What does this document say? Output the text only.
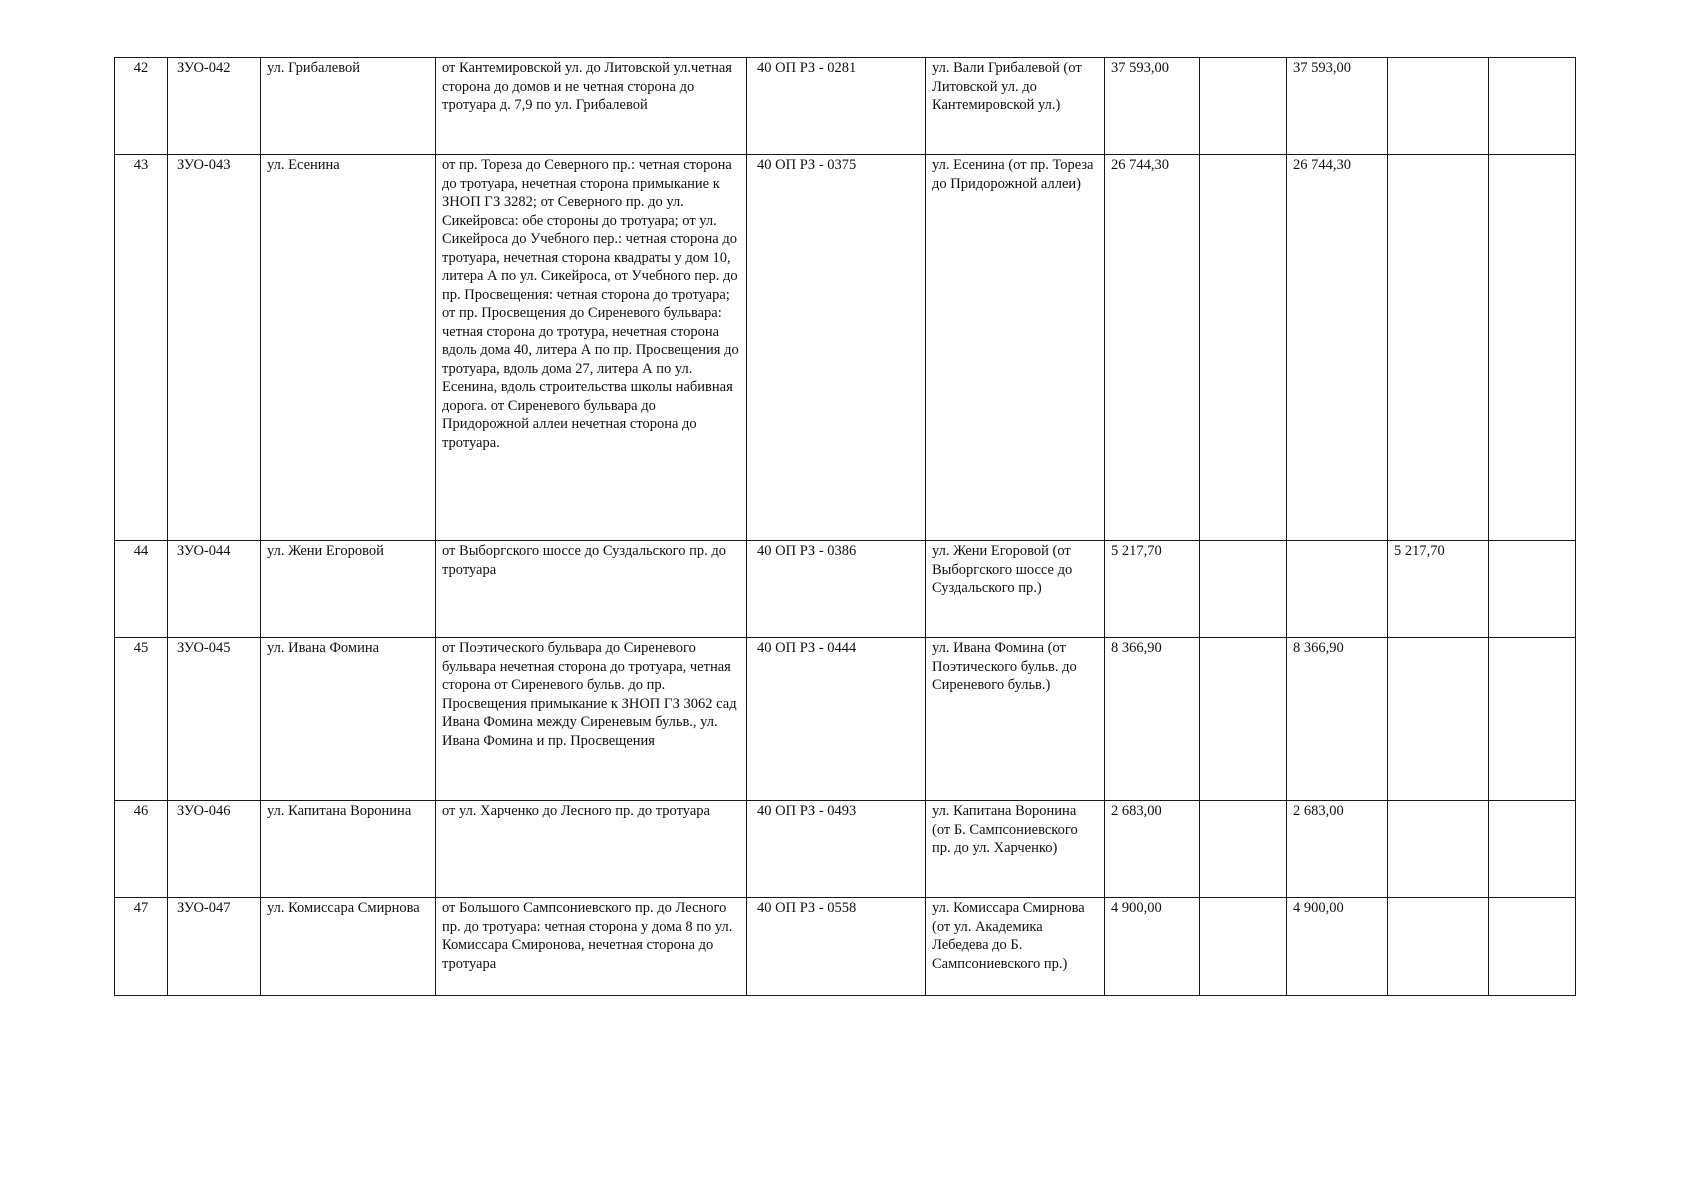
42	ЗУО-042	ул. Грибалевой	от Кантемировской ул. до Литовской ул.четная сторона до домов и не четная сторона до тротуара д. 7,9 по ул. Грибалевой	40 ОП РЗ - 0281	ул. Вали Грибалевой (от Литовской ул. до Кантемировской ул.)	37 593,00		37 593,00		
43	ЗУО-043	ул. Есенина	от пр. Тореза до Северного пр.: четная сторона до тротуара, нечетная сторона примыкание к ЗНОП ГЗ 3282; от Северного пр. до ул. Сикейровса: обе стороны до тротуара; от ул. Сикейроса до Учебного пер.: четная сторона до тротуара, нечетная сторона квадраты у дом 10, литера А по ул. Сикейроса, от Учебного пер. до пр. Просвещения: четная сторона до тротуара; от пр. Просвещения до Сиреневого бульвара: четная сторона до тротура, нечетная сторона вдоль дома 40, литера А по пр. Просвещения до тротуара, вдоль дома 27, литера А по ул. Есенина, вдоль строительства школы набивная дорога. от Сиреневого бульвара до Придорожной аллеи нечетная сторона до тротуара.	40 ОП РЗ - 0375	ул. Есенина (от пр. Тореза до Придорожной аллеи)	26 744,30		26 744,30		
44	ЗУО-044	ул. Жени Егоровой	от Выборгского шоссе до Суздальского пр. до тротуара	40 ОП РЗ - 0386	ул. Жени Егоровой (от Выборгского шоссе до Суздальского пр.)	5 217,70			5 217,70	
45	ЗУО-045	ул. Ивана Фомина	от Поэтического бульвара до Сиреневого бульвара нечетная сторона до тротуара, четная сторона от Сиреневого бульв. до пр. Просвещения примыкание к ЗНОП ГЗ 3062 сад Ивана Фомина между Сиреневым бульв., ул. Ивана Фомина и пр. Просвещения	40 ОП РЗ - 0444	ул. Ивана Фомина (от Поэтического бульв. до Сиреневого бульв.)	8 366,90		8 366,90		
46	ЗУО-046	ул. Капитана Воронина	от ул. Харченко до Лесного пр. до тротуара	40 ОП РЗ - 0493	ул. Капитана Воронина (от Б. Сампсониевского пр. до ул. Харченко)	2 683,00		2 683,00		
47	ЗУО-047	ул. Комиссара Смирнова	от Большого Сампсониевского пр. до Лесного пр. до тротуара: четная сторона у дома 8 по ул. Комиссара Смиронова, нечетная сторона до тротуара	40 ОП РЗ - 0558	ул. Комиссара Смирнова (от ул. Академика Лебедева до Б. Сампсониевского пр.)	4 900,00		4 900,00		
